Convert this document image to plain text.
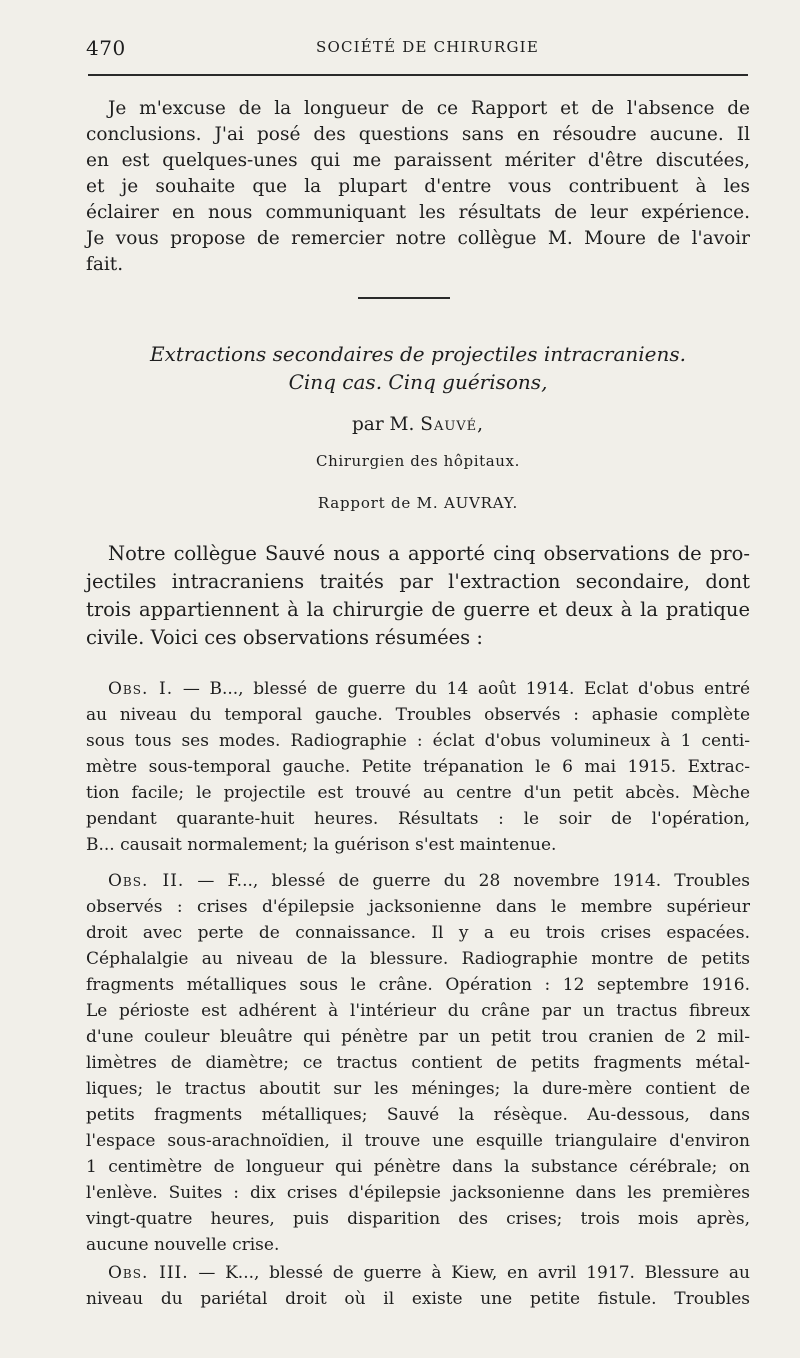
470	SOCIÉTÉ DE CHIRURGIE
Je m'excuse de la longueur de ce Rapport et de l'absence de
conclusions. J'ai posé des questions sans en résoudre aucune. Il
en est quelques-unes qui me paraissent mériter d'être discutées,
et je souhaite que la plupart d'entre vous contribuent à les
éclairer en nous communiquant les résultats de leur expérience.
Je vous propose de remercier notre collègue M. Moure de l'avoir
fait.
Extractions secondaires de projectiles intracraniens.
Cinq cas. Cinq guérisons,
par M. Sauvé,
Chirurgien des hôpitaux.
Rapport de M. AUVRAY.
Notre collègue Sauvé nous a apporté cinq observations de pro-
jectiles intracraniens traités par l'extraction secondaire, dont
trois appartiennent à la chirurgie de guerre et deux à la pratique
civile. Voici ces observations résumées :
Obs. I. — B..., blessé de guerre du 14 août 1914. Eclat d'obus entré
au niveau du temporal gauche. Troubles observés : aphasie complète
sous tous ses modes. Radiographie : éclat d'obus volumineux à 1 centi-
mètre sous-temporal gauche. Petite trépanation le 6 mai 1915. Extrac-
tion facile; le projectile est trouvé au centre d'un petit abcès. Mèche
pendant quarante-huit heures. Résultats : le soir de l'opération,
B... causait normalement; la guérison s'est maintenue.
Obs. II. — F..., blessé de guerre du 28 novembre 1914. Troubles
observés : crises d'épilepsie jacksonienne dans le membre supérieur
droit avec perte de connaissance. Il y a eu trois crises espacées.
Céphalalgie au niveau de la blessure. Radiographie montre de petits
fragments métalliques sous le crâne. Opération : 12 septembre 1916.
Le périoste est adhérent à l'intérieur du crâne par un tractus fibreux
d'une couleur bleuâtre qui pénètre par un petit trou cranien de 2 mil-
limètres de diamètre; ce tractus contient de petits fragments métal-
liques; le tractus aboutit sur les méninges; la dure-mère contient de
petits fragments métalliques; Sauvé la résèque. Au-dessous, dans
l'espace sous-arachnoïdien, il trouve une esquille triangulaire d'environ
1 centimètre de longueur qui pénètre dans la substance cérébrale; on
l'enlève. Suites : dix crises d'épilepsie jacksonienne dans les premières
vingt-quatre heures, puis disparition des crises; trois mois après,
aucune nouvelle crise.
Obs. III. — K..., blessé de guerre à Kiew, en avril 1917. Blessure au
niveau du pariétal droit où il existe une petite fistule. Troubles
